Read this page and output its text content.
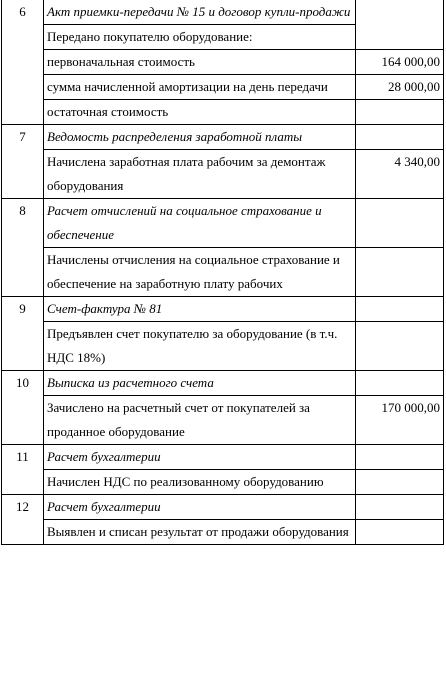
6	Акт приемки-передачи № 15 и договор купли-продажи	
	Передано покупателю оборудование:	
	первоначальная стоимость	164 000,00
	сумма начисленной амортизации на день передачи	28 000,00
	остаточная стоимость	
7	Ведомость распределения заработной платы	
	Начислена заработная плата рабочим за демонтаж оборудования	4 340,00
8	Расчет отчислений на социальное страхование и обеспечение	
	Начислены отчисления на социальное страхование и обеспечение на заработную плату рабочих	
9	Счет-фактура № 81	
	Предъявлен счет покупателю за оборудование (в т.ч. НДС 18%)	
10	Выписка из расчетного счета	
	Зачислено на расчетный счет от покупателей за проданное оборудование	170 000,00
11	Расчет бухгалтерии	
	Начислен НДС по реализованному оборудованию	
12	Расчет бухгалтерии	
	Выявлен и списан результат от продажи оборудования	
